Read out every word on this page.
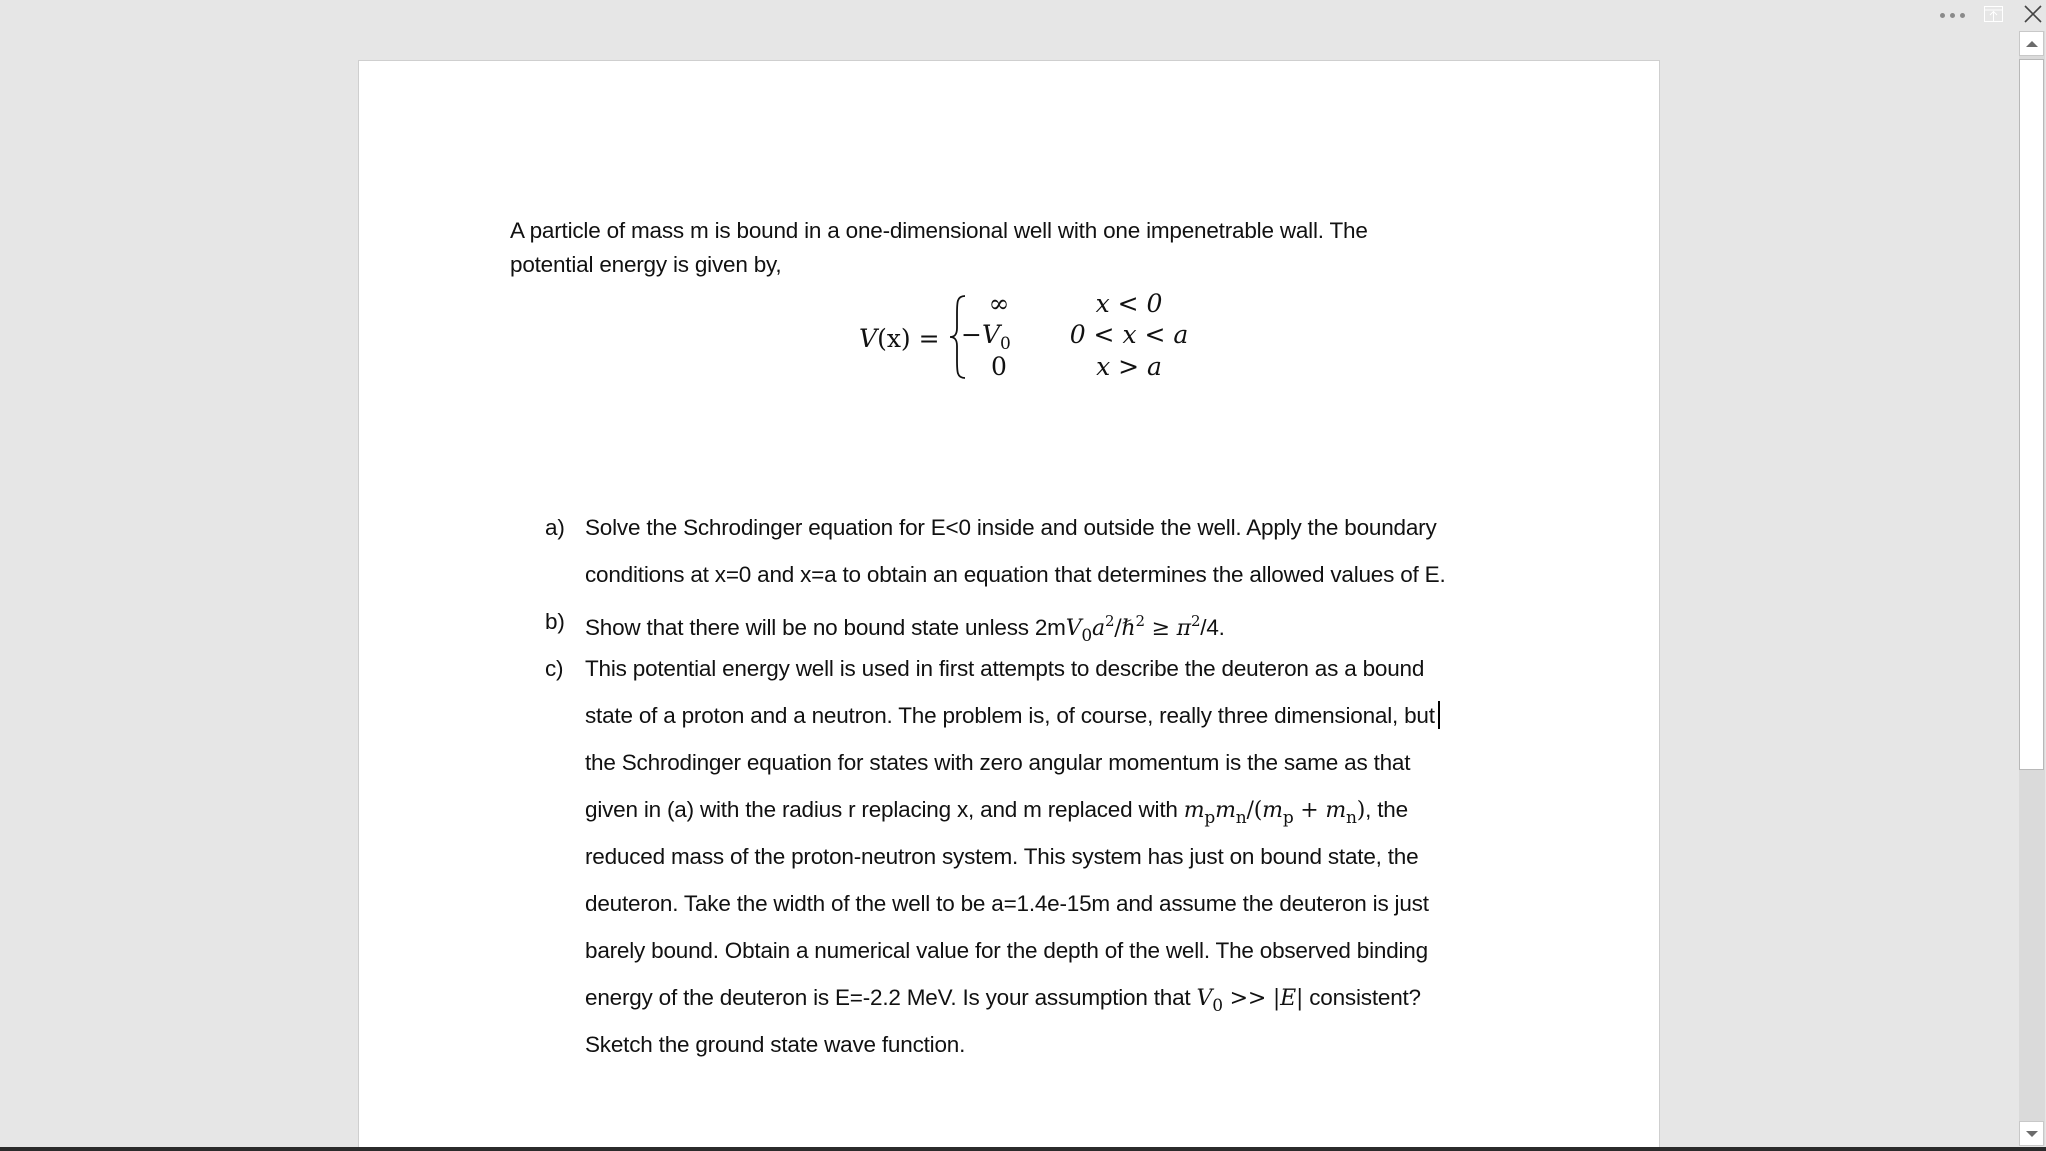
A particle of mass m is bound in a one-dimensional well with one impenetrable wall. The
potential energy is given by,
V(x) =
∞	x < 0
$-V_0$	0 < x < a
0	x > a
a) Solve the Schrodinger equation for E<0 inside and outside the well. Apply the boundary
conditions at x=0 and x=a to obtain an equation that determines the allowed values of E.
b) Show that there will be no bound state unless $2mV_0a^2/\hbar^2 \ge \pi^2/4$.
c) This potential energy well is used in first attempts to describe the deuteron as a bound
state of a proton and a neutron. The problem is, of course, really three dimensional, but
the Schrodinger equation for states with zero angular momentum is the same as that
given in (a) with the radius r replacing x, and m replaced with $m_pm_n/(m_p + m_n)$, the
reduced mass of the proton-neutron system. This system has just on bound state, the
deuteron. Take the width of the well to be a=1.4e-15m and assume the deuteron is just
barely bound. Obtain a numerical value for the depth of the well. The observed binding
energy of the deuteron is E=-2.2 MeV. Is your assumption that $V_0 >> |E|$ consistent?
Sketch the ground state wave function.
